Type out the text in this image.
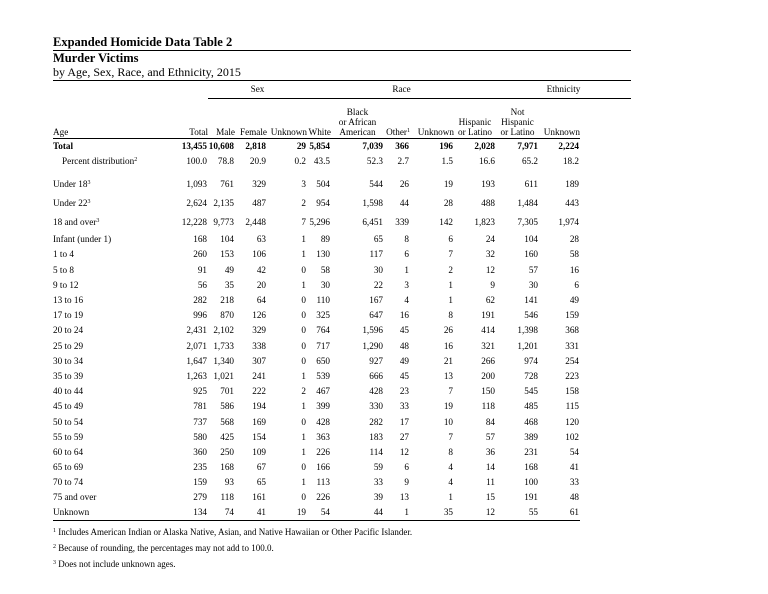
Expanded Homicide Data Table 2
Murder Victims
by Age, Sex, Race, and Ethnicity, 2015
		Sex			Race					Ethnicity	
Age	Total	Male	Female	Unknown	White	Black
or African
American	Other$^1$	Unknown	Hispanic
or Latino	Not
Hispanic
or Latino	Unknown
Total	13,455	10,608	2,818	29	5,854	7,039	366	196	2,028	7,971	2,224
Percent distribution$^2$	100.0	78.8	20.9	0.2	43.5	52.3	2.7	1.5	16.6	65.2	18.2
Under $18^3$	1,093	761	329	3	504	544	26	19	193	611	189
Under $22^3$	2,624	2,135	487	2	954	1,598	44	28	488	1,484	443
18 and over$^3$	12,228	9,773	2,448	7	5,296	6,451	339	142	1,823	7,305	1,974
Infant (under 1)	168	104	63	1	89	65	8	6	24	104	28
1 to 4	260	153	106	1	130	117	6	7	32	160	58
5 to 8	91	49	42	0	58	30	1	2	12	57	16
9 to 12	56	35	20	1	30	22	3	1	9	30	6
13 to 16	282	218	64	0	110	167	4	1	62	141	49
17 to 19	996	870	126	0	325	647	16	8	191	546	159
20 to 24	2,431	2,102	329	0	764	1,596	45	26	414	1,398	368
25 to 29	2,071	1,733	338	0	717	1,290	48	16	321	1,201	331
30 to 34	1,647	1,340	307	0	650	927	49	21	266	974	254
35 to 39	1,263	1,021	241	1	539	666	45	13	200	728	223
40 to 44	925	701	222	2	467	428	23	7	150	545	158
45 to 49	781	586	194	1	399	330	33	19	118	485	115
50 to 54	737	568	169	0	428	282	17	10	84	468	120
55 to 59	580	425	154	1	363	183	27	7	57	389	102
60 to 64	360	250	109	1	226	114	12	8	36	231	54
65 to 69	235	168	67	0	166	59	6	4	14	168	41
70 to 74	159	93	65	1	113	33	9	4	11	100	33
75 and over	279	118	161	0	226	39	13	1	15	191	48
Unknown	134	74	41	19	54	44	1	35	12	55	61
$^1$ Includes American Indian or Alaska Native, Asian, and Native Hawaiian or Other Pacific Islander.
$^2$ Because of rounding, the percentages may not add to 100.0.
$^3$ Does not include unknown ages.
